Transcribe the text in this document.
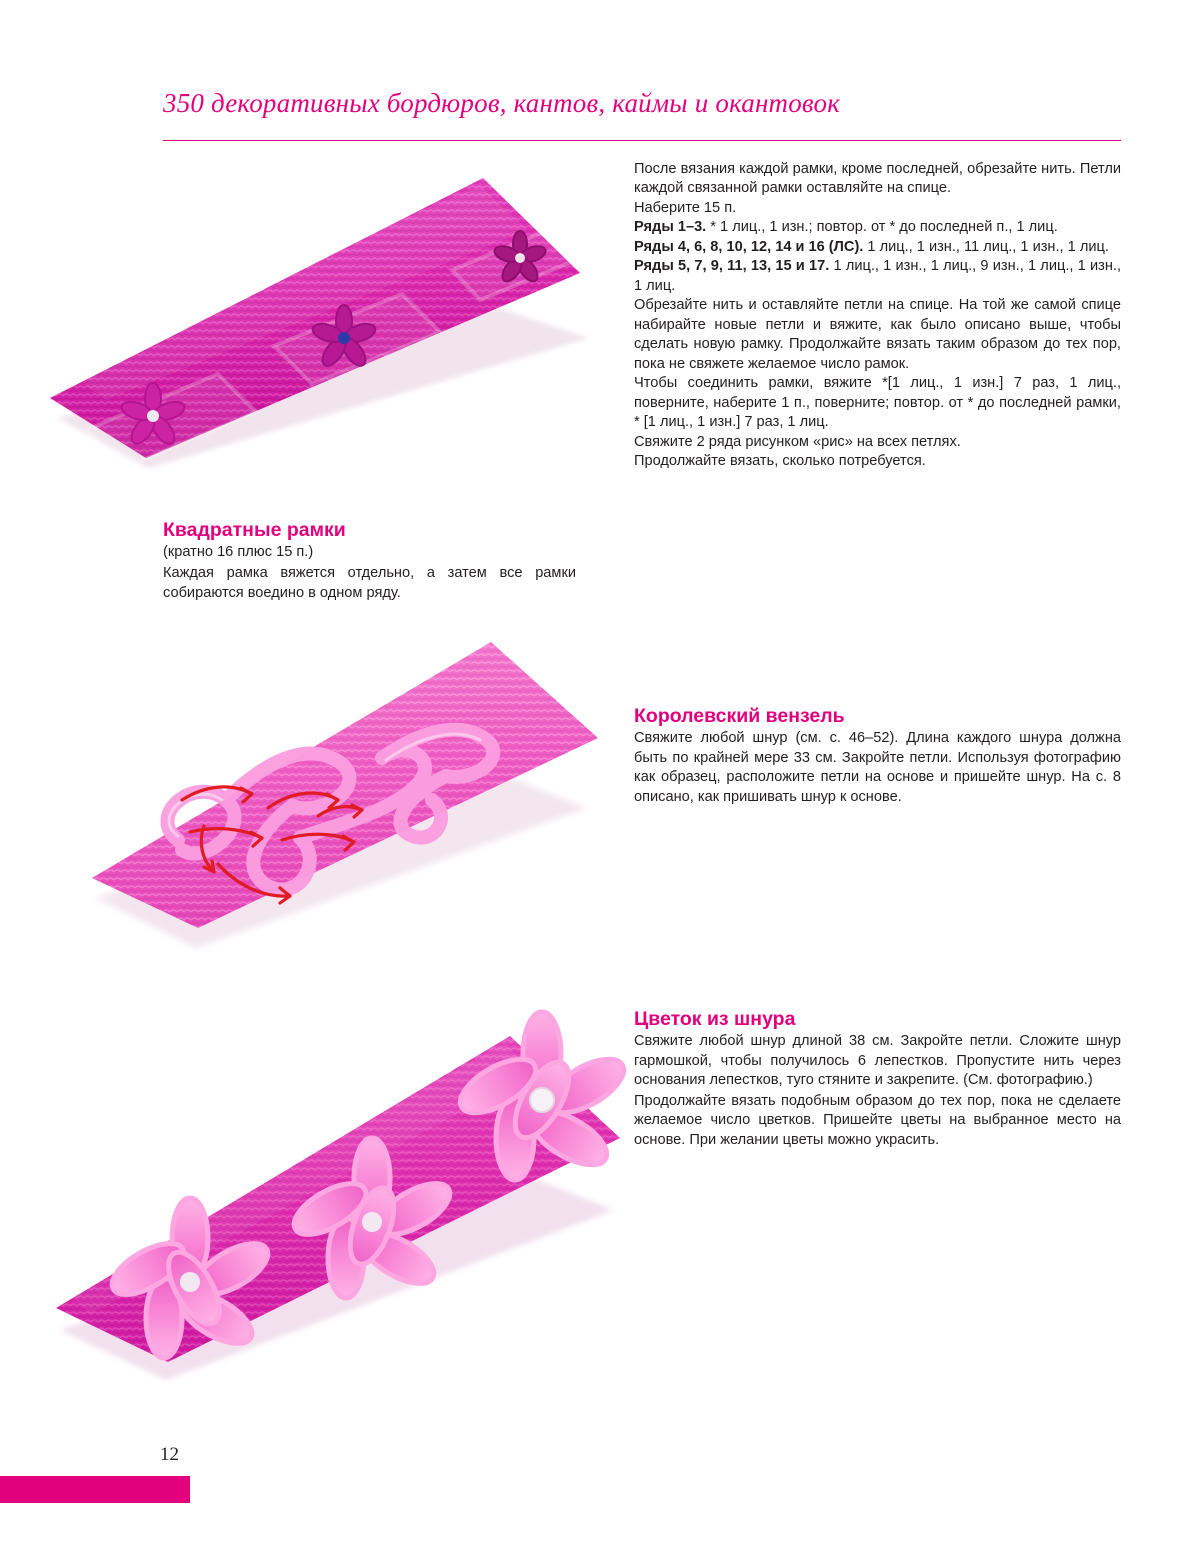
350 декоративных бордюров, кантов, каймы и окантовок
Квадратные рамки
(кратно 16 плюс 15 п.)
Каждая рамка вяжется отдельно, а затем все рамки собираются воедино в одном ряду.

После вязания каждой рамки, кроме последней, обрезайте нить. Петли каждой связанной рамки оставляйте на спице.

Наберите 15 п.

Ряды 1–3. * 1 лиц., 1 изн.; повтор. от * до последней п., 1 лиц.

Ряды 4, 6, 8, 10, 12, 14 и 16 (ЛС). 1 лиц., 1 изн., 11 лиц., 1 изн., 1 лиц.

Ряды 5, 7, 9, 11, 13, 15 и 17. 1 лиц., 1 изн., 1 лиц., 9 изн., 1 лиц., 1 изн., 1 лиц.

Обрезайте нить и оставляйте петли на спице. На той же самой спице набирайте новые петли и вяжите, как было описано выше, чтобы сделать новую рамку. Продолжайте вязать таким образом до тех пор, пока не свяжете желаемое число рамок.

Чтобы соединить рамки, вяжите *[1 лиц., 1 изн.] 7 раз, 1 лиц., поверните, наберите 1 п., поверните; повтор. от * до последней рамки, * [1 лиц., 1 изн.] 7 раз, 1 лиц.

Свяжите 2 ряда рисунком «рис» на всех петлях.

Продолжайте вязать, сколько потребуется.

Королевский вензель
Свяжите любой шнур (см. с. 46–52). Длина каждого шнура должна быть по крайней мере 33 см. Закройте петли. Используя фотографию как образец, расположите петли на основе и пришейте шнур. На с. 8 описано, как пришивать шнур к основе.
Цветок из шнура
Свяжите любой шнур длиной 38 см. Закройте петли. Сложите шнур гармошкой, чтобы получилось 6 лепестков. Пропустите нить через основания лепестков, туго стяните и закрепите. (См. фотографию.)
Продолжайте вязать подобным образом до тех пор, пока не сделаете желаемое число цветков. Пришейте цветы на выбранное место на основе. При желании цветы можно украсить.
12
